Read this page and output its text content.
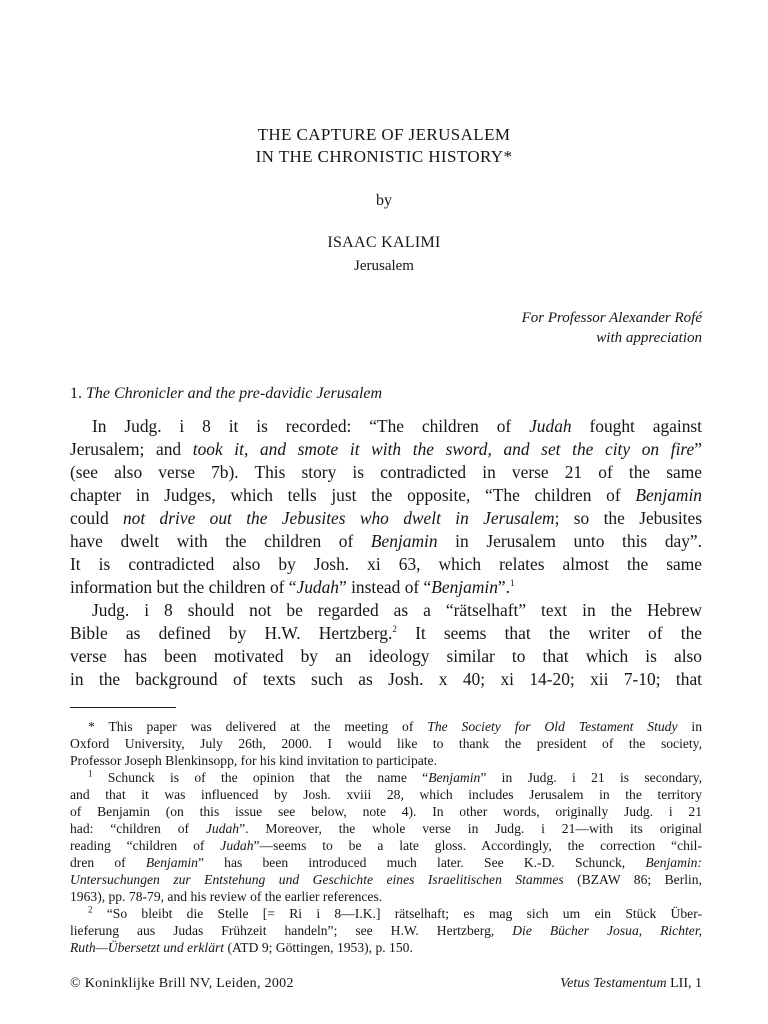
THE CAPTURE OF JERUSALEM
IN THE CHRONISTIC HISTORY*
by
ISAAC KALIMI
Jerusalem
For Professor Alexander Rofé
with appreciation
1. The Chronicler and the pre-davidic Jerusalem
In Judg. i 8 it is recorded: “The children of Judah fought against
Jerusalem; and took it, and smote it with the sword, and set the city on fire”
(see also verse 7b). This story is contradicted in verse 21 of the same
chapter in Judges, which tells just the opposite, “The children of Benjamin
could not drive out the Jebusites who dwelt in Jerusalem; so the Jebusites
have dwelt with the children of Benjamin in Jerusalem unto this day”.
It is contradicted also by Josh. xi 63, which relates almost the same
information but the children of “Judah” instead of “Benjamin”.$^1$
Judg. i 8 should not be regarded as a “rätselhaft” text in the Hebrew
Bible as defined by H.W. Hertzberg.$^2$ It seems that the writer of the
verse has been motivated by an ideology similar to that which is also
in the background of texts such as Josh. x 40; xi 14-20; xii 7-10; that
* This paper was delivered at the meeting of The Society for Old Testament Study in
Oxford University, July 26th, 2000. I would like to thank the president of the society,
Professor Joseph Blenkinsopp, for his kind invitation to participate.
$^1$ Schunck is of the opinion that the name “Benjamin” in Judg. i 21 is secondary,
and that it was influenced by Josh. xviii 28, which includes Jerusalem in the territory
of Benjamin (on this issue see below, note 4). In other words, originally Judg. i 21
had: “children of Judah”. Moreover, the whole verse in Judg. i 21—with its original
reading “children of Judah”—seems to be a late gloss. Accordingly, the correction “chil-
dren of Benjamin” has been introduced much later. See K.-D. Schunck, Benjamin:
Untersuchungen zur Entstehung und Geschichte eines Israelitischen Stammes (BZAW 86; Berlin,
1963), pp. 78-79, and his review of the earlier references.
$^2$ “So bleibt die Stelle [= Ri i 8—I.K.] rätselhaft; es mag sich um ein Stück Über-
lieferung aus Judas Frühzeit handeln”; see H.W. Hertzberg, Die Bücher Josua, Richter,
Ruth—Übersetzt und erklärt (ATD 9; Göttingen, 1953), p. 150.
© Koninklijke Brill NV, Leiden, 2002	Vetus Testamentum LII, 1
